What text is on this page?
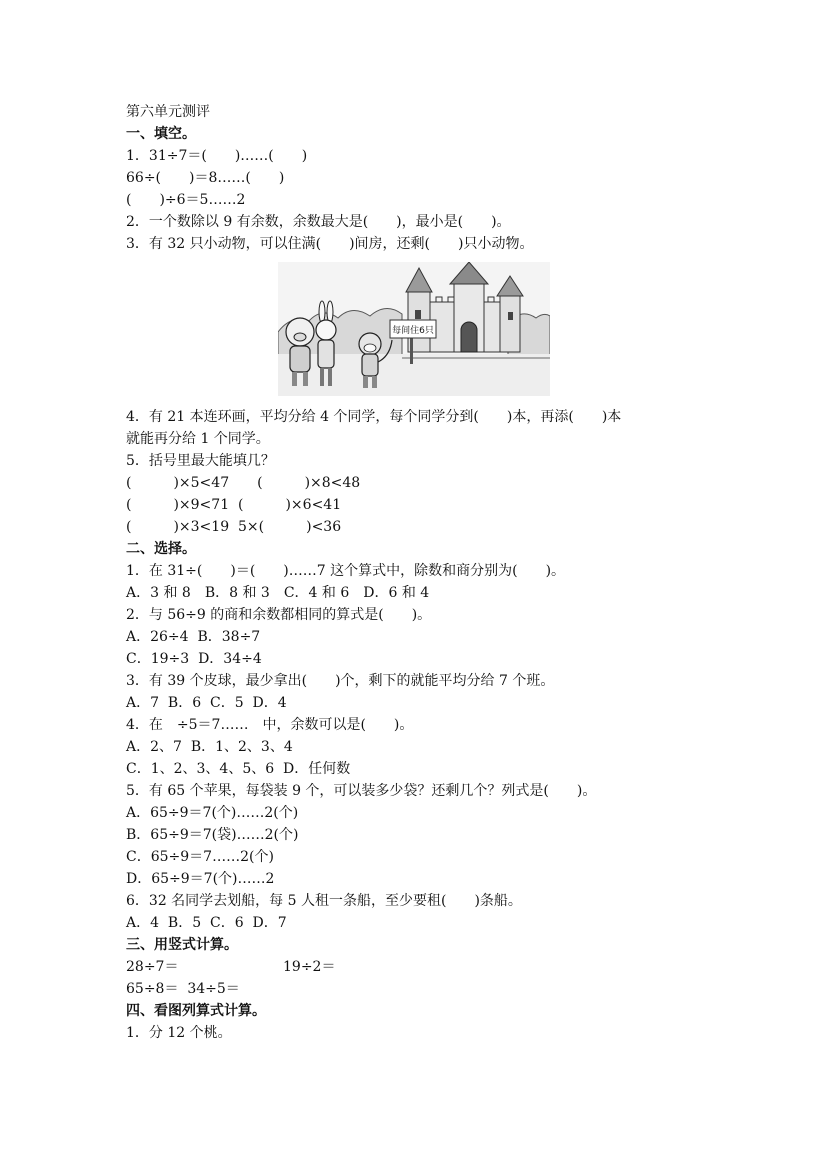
第六单元测评
一、填空。
1．31÷7＝(　　)……(　　)
66÷(　　)＝8……(　　)
(　　)÷6＝5……2
2．一个数除以 9 有余数，余数最大是(　　)，最小是(　　)。
3．有 32 只小动物，可以住满(　　)间房，还剩(　　)只小动物。
每间住6只
4．有 21 本连环画，平均分给 4 个同学，每个同学分到(　　)本，再添(　　)本
就能再分给 1 个同学。
5．括号里最大能填几？
(　　　)×5<47　　(　　　)×8<48
(　　　)×9<71  (　　　)×6<41
(　　　)×3<19  5×(　　　)<36
二、选择。
1．在 31÷(　　)＝(　　)……7 这个算式中，除数和商分别为(　　)。
A．3 和 8　B．8 和 3　C．4 和 6　D．6 和 4
2．与 56÷9 的商和余数都相同的算式是(　　)。
A．26÷4  B．38÷7
C．19÷3  D．34÷4
3．有 39 个皮球，最少拿出(　　)个，剩下的就能平均分给 7 个班。
A．7  B．6  C．5  D．4
4．在　÷5＝7……　中，余数可以是(　　)。
A．2、7  B．1、2、3、4
C．1、2、3、4、5、6  D．任何数
5．有 65 个苹果，每袋装 9 个，可以装多少袋？还剩几个？列式是(　　)。
A．65÷9＝7(个)……2(个)
B．65÷9＝7(袋)……2(个)
C．65÷9＝7……2(个)
D．65÷9＝7(个)……2
6．32 名同学去划船，每 5 人租一条船，至少要租(　　)条船。
A．4  B．5  C．6  D．7
三、用竖式计算。
28÷7＝	19÷2＝
65÷8＝  34÷5＝
四、看图列算式计算。
1．分 12 个桃。
